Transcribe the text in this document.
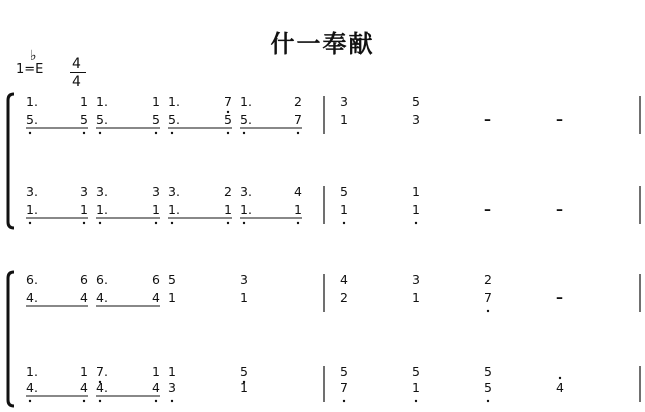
什一奉献
1=E
♭	4
4
1.	1 1.	1 1.	7 1.	2	3	5
5.	5 5.	5 5.	5 5.	7	1	3	–	–
3.	3 3.	3 3.	2 3.	4	5	1
1.	1 1.	1 1.	1 1.	1	1	1	–	–
6.	6 6.	6 5	3	4	3	2
4.	4 4.	4 1	1	2	1	7	–
1.	1 7.	1 1	5	5	5	5
4.	4 4.	4 3	1	7	1	5	4
